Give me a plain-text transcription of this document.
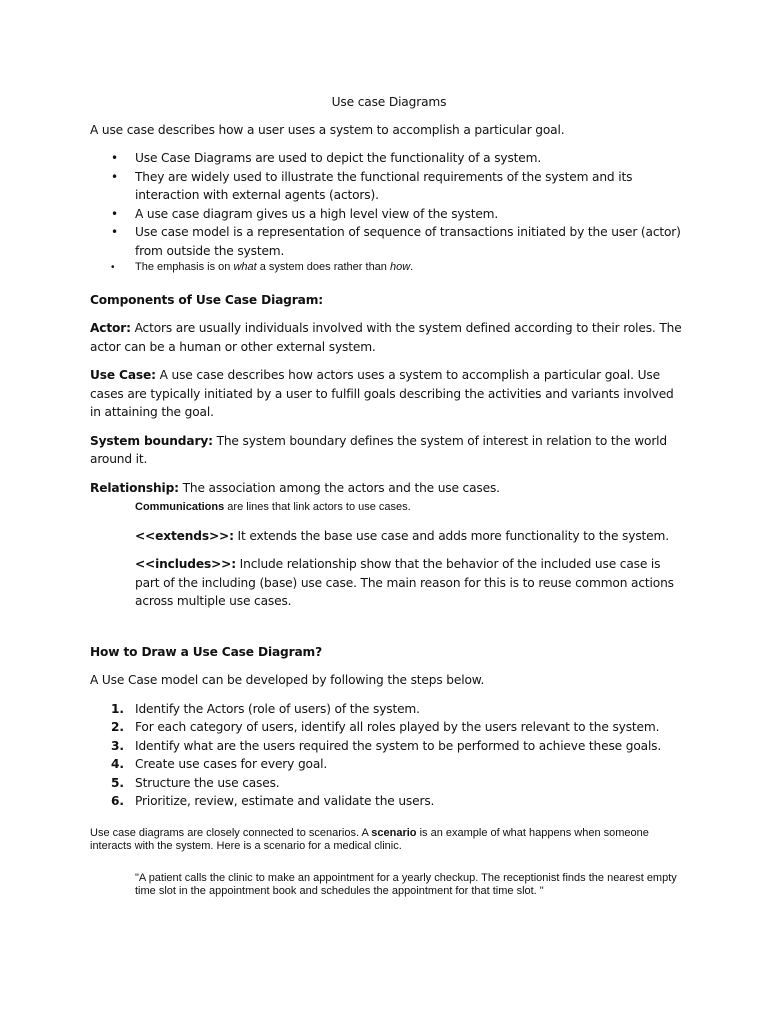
Use case Diagrams

A use case describes how a user uses a system to accomplish a particular goal.

• Use Case Diagrams are used to depict the functionality of a system.
• They are widely used to illustrate the functional requirements of the system and its interaction with external agents (actors).
• A use case diagram gives us a high level view of the system.
• Use case model is a representation of sequence of transactions initiated by the user (actor) from outside the system.
• The emphasis is on what a system does rather than how.

Components of Use Case Diagram:

Actor: Actors are usually individuals involved with the system defined according to their roles. The actor can be a human or other external system.

Use Case: A use case describes how actors uses a system to accomplish a particular goal. Use cases are typically initiated by a user to fulfill goals describing the activities and variants involved in attaining the goal.

System boundary: The system boundary defines the system of interest in relation to the world around it.

Relationship: The association among the actors and the use cases.

Communications are lines that link actors to use cases.

<<extends>>: It extends the base use case and adds more functionality to the system.

<<includes>>: Include relationship show that the behavior of the included use case is part of the including (base) use case. The main reason for this is to reuse common actions across multiple use cases.

How to Draw a Use Case Diagram?

A Use Case model can be developed by following the steps below.

1. Identify the Actors (role of users) of the system.
2. For each category of users, identify all roles played by the users relevant to the system.
3. Identify what are the users required the system to be performed to achieve these goals.
4. Create use cases for every goal.
5. Structure the use cases.
6. Prioritize, review, estimate and validate the users.

Use case diagrams are closely connected to scenarios. A scenario is an example of what happens when someone interacts with the system. Here is a scenario for a medical clinic.

"A patient calls the clinic to make an appointment for a yearly checkup. The receptionist finds the nearest empty time slot in the appointment book and schedules the appointment for that time slot. "
